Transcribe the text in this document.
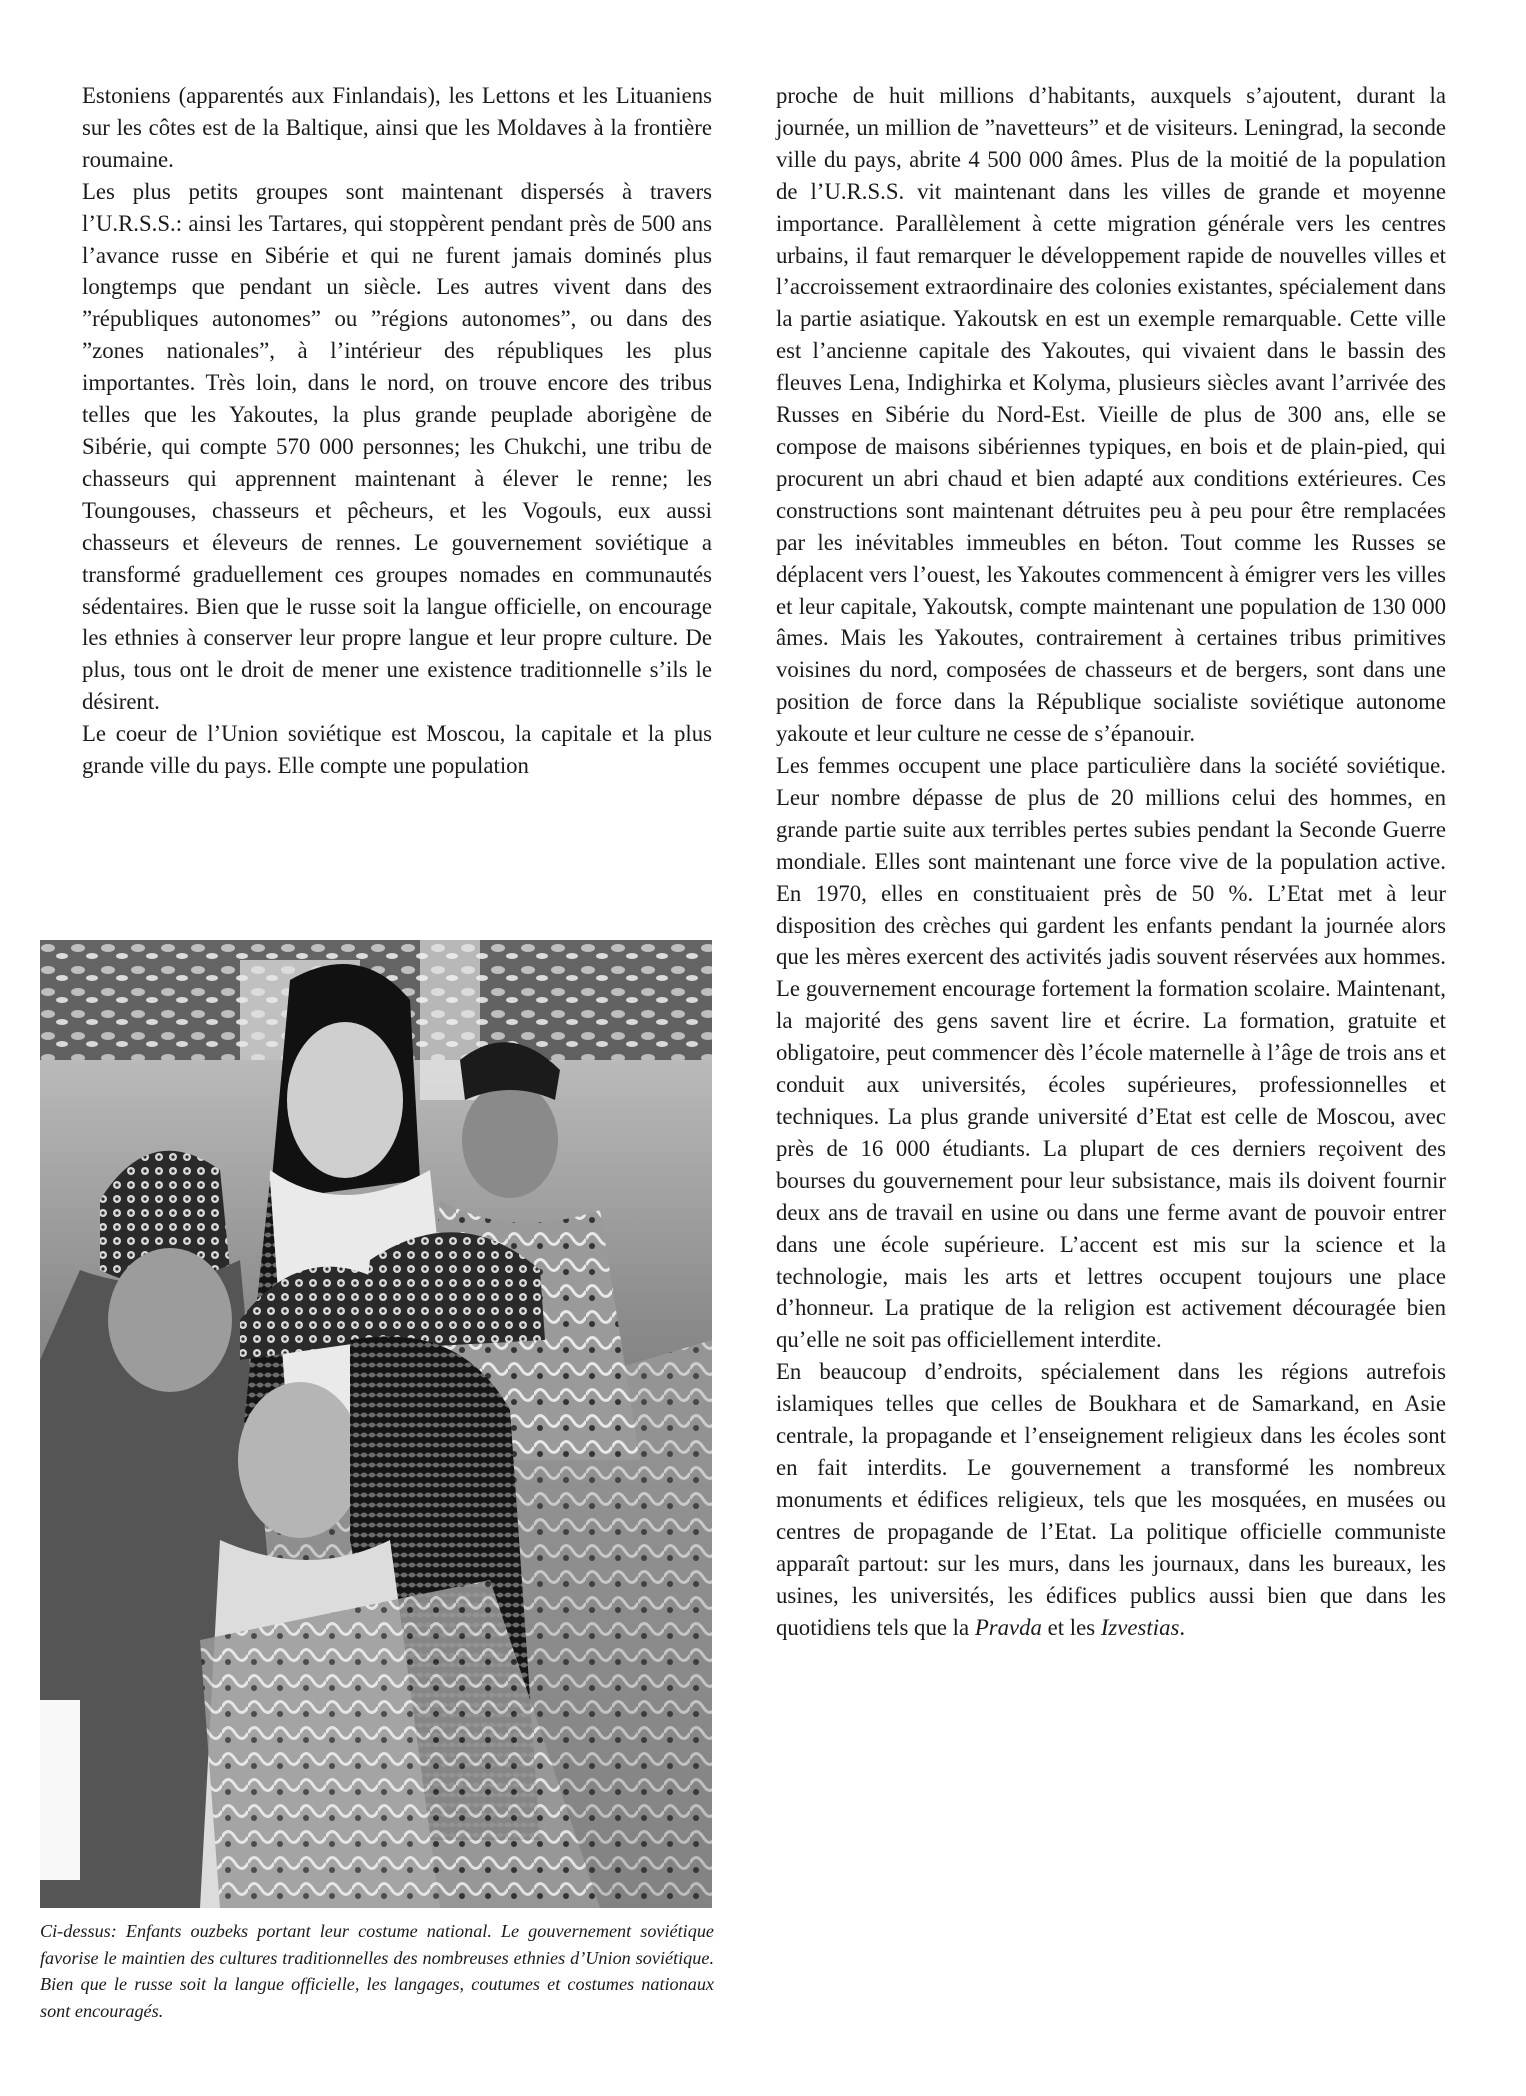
Estoniens (apparentés aux Finlandais), les Lettons et les Lituaniens sur les côtes est de la Baltique, ainsi que les Moldaves à la frontière roumaine.

Les plus petits groupes sont maintenant dispersés à travers l’U.R.S.S.: ainsi les Tartares, qui stoppèrent pendant près de 500 ans l’avance russe en Sibérie et qui ne furent jamais dominés plus longtemps que pendant un siècle. Les autres vivent dans des ”républiques autonomes” ou ”régions autonomes”, ou dans des ”zones nationales”, à l’intérieur des républiques les plus importantes. Très loin, dans le nord, on trouve encore des tribus telles que les Yakoutes, la plus grande peuplade aborigène de Sibérie, qui compte 570 000 personnes; les Chukchi, une tribu de chasseurs qui apprennent maintenant à élever le renne; les Toungouses, chasseurs et pêcheurs, et les Vogouls, eux aussi chasseurs et éleveurs de rennes. Le gouvernement soviétique a transformé graduellement ces groupes nomades en communautés sédentaires. Bien que le russe soit la langue officielle, on encourage les ethnies à conserver leur propre langue et leur propre culture. De plus, tous ont le droit de mener une existence traditionnelle s’ils le désirent.

Le coeur de l’Union soviétique est Moscou, la capitale et la plus grande ville du pays. Elle compte une population

Ci-dessus: Enfants ouzbeks portant leur costume national. Le gouvernement soviétique favorise le maintien des cultures traditionnelles des nombreuses ethnies d’Union soviétique. Bien que le russe soit la langue officielle, les langages, coutumes et costumes nationaux sont encouragés.

proche de huit millions d’habitants, auxquels s’ajoutent, durant la journée, un million de ”navetteurs” et de visiteurs. Leningrad, la seconde ville du pays, abrite 4 500 000 âmes. Plus de la moitié de la population de l’U.R.S.S. vit maintenant dans les villes de grande et moyenne importance. Parallèlement à cette migration générale vers les centres urbains, il faut remarquer le développement rapide de nouvelles villes et l’accroissement extraordinaire des colonies existantes, spécialement dans la partie asiatique. Yakoutsk en est un exemple remarquable. Cette ville est l’ancienne capitale des Yakoutes, qui vivaient dans le bassin des fleuves Lena, Indighirka et Kolyma, plusieurs siècles avant l’arrivée des Russes en Sibérie du Nord-Est. Vieille de plus de 300 ans, elle se compose de maisons sibériennes typiques, en bois et de plain-pied, qui procurent un abri chaud et bien adapté aux conditions extérieures. Ces constructions sont maintenant détruites peu à peu pour être remplacées par les inévitables immeubles en béton. Tout comme les Russes se déplacent vers l’ouest, les Yakoutes commencent à émigrer vers les villes et leur capitale, Yakoutsk, compte maintenant une population de 130 000 âmes. Mais les Yakoutes, contrairement à certaines tribus primitives voisines du nord, composées de chasseurs et de bergers, sont dans une position de force dans la République socialiste soviétique autonome yakoute et leur culture ne cesse de s’épanouir.

Les femmes occupent une place particulière dans la société soviétique. Leur nombre dépasse de plus de 20 millions celui des hommes, en grande partie suite aux terribles pertes subies pendant la Seconde Guerre mondiale. Elles sont maintenant une force vive de la population active. En 1970, elles en constituaient près de 50 %. L’Etat met à leur disposition des crèches qui gardent les enfants pendant la journée alors que les mères exercent des activités jadis souvent réservées aux hommes. Le gouvernement encourage fortement la formation scolaire. Maintenant, la majorité des gens savent lire et écrire. La formation, gratuite et obligatoire, peut commencer dès l’école maternelle à l’âge de trois ans et conduit aux universités, écoles supérieures, professionnelles et techniques. La plus grande université d’Etat est celle de Moscou, avec près de 16 000 étudiants. La plupart de ces derniers reçoivent des bourses du gouvernement pour leur subsistance, mais ils doivent fournir deux ans de travail en usine ou dans une ferme avant de pouvoir entrer dans une école supérieure. L’accent est mis sur la science et la technologie, mais les arts et lettres occupent toujours une place d’honneur. La pratique de la religion est activement découragée bien qu’elle ne soit pas officiellement interdite.

En beaucoup d’endroits, spécialement dans les régions autrefois islamiques telles que celles de Boukhara et de Samarkand, en Asie centrale, la propagande et l’enseignement religieux dans les écoles sont en fait interdits. Le gouvernement a transformé les nombreux monuments et édifices religieux, tels que les mosquées, en musées ou centres de propagande de l’Etat. La politique officielle communiste apparaît partout: sur les murs, dans les journaux, dans les bureaux, les usines, les universités, les édifices publics aussi bien que dans les quotidiens tels que la Pravda et les Izvestias.
